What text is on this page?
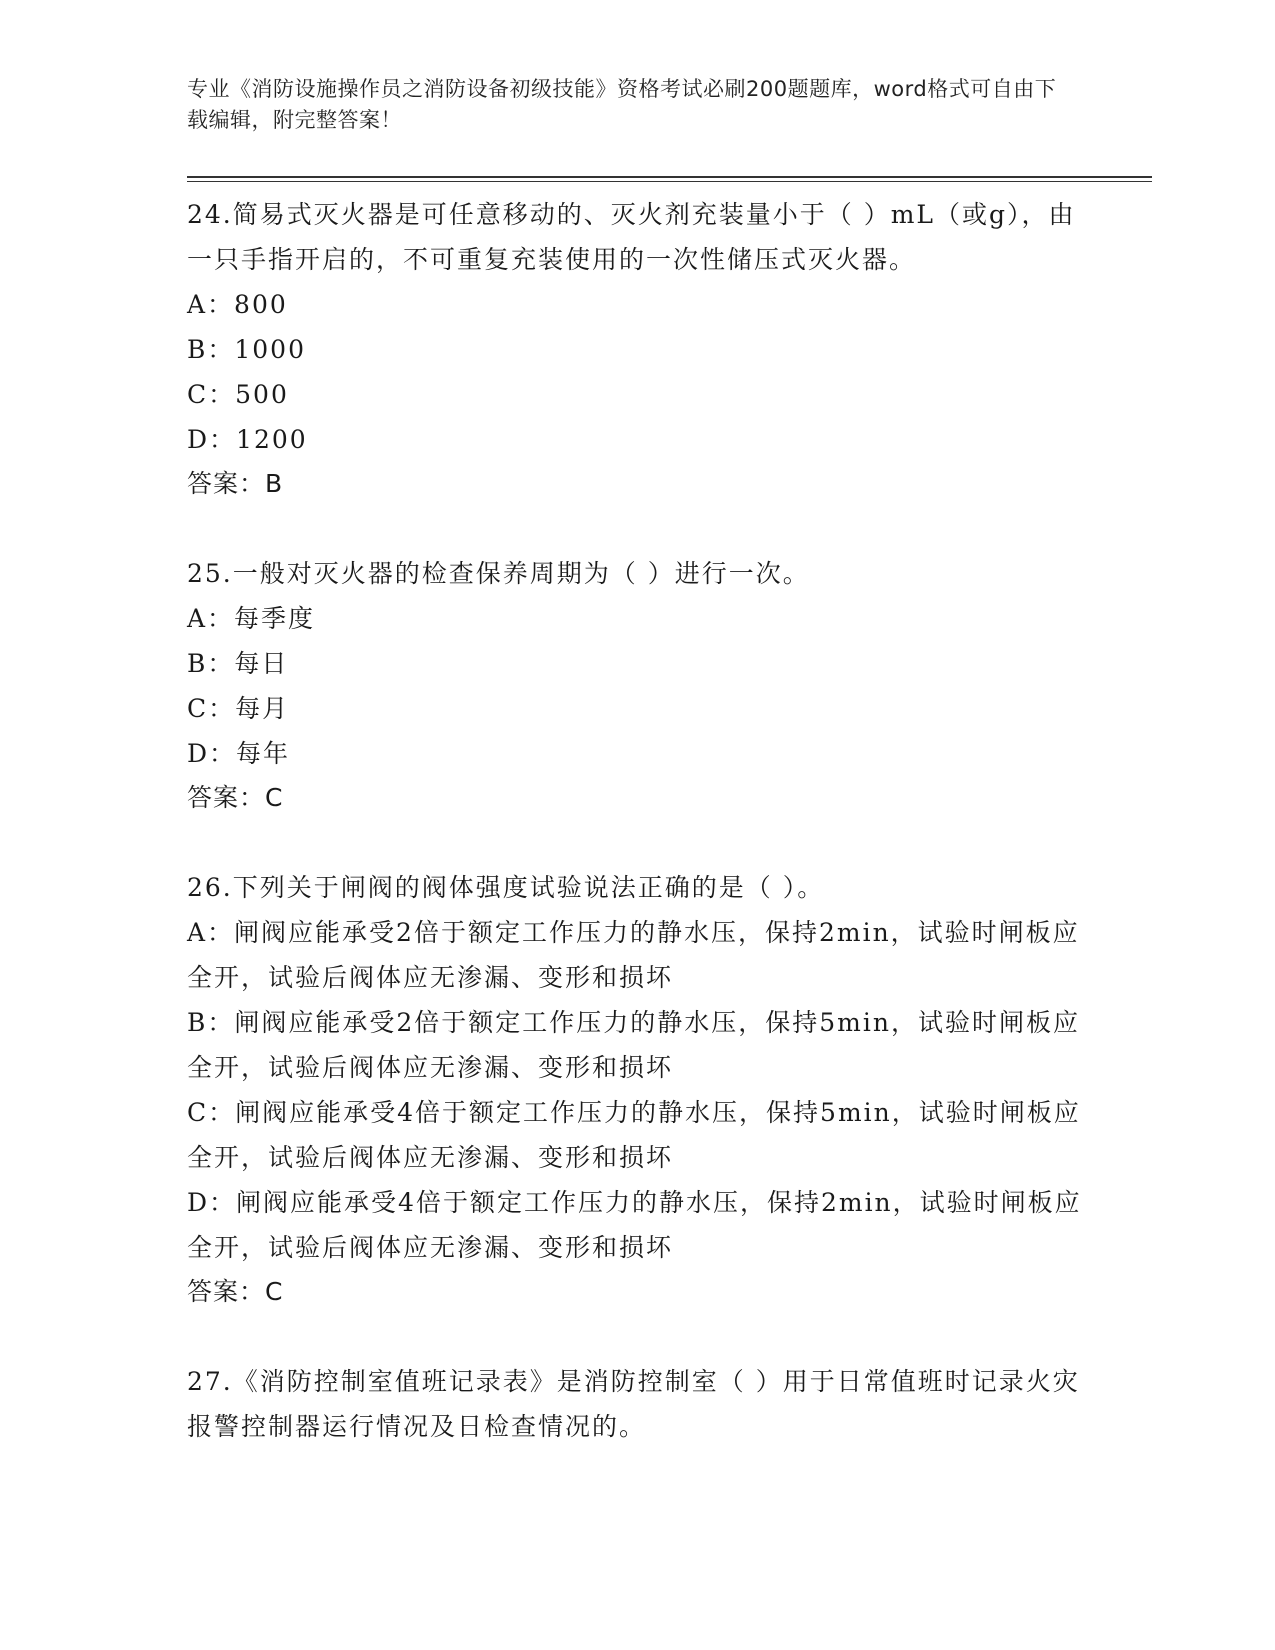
专业《消防设施操作员之消防设备初级技能》资格考试必刷200题题库，word格式可自由下载编辑，附完整答案！
24.简易式灭火器是可任意移动的、灭火剂充装量小于（ ）mL（或g），由一只手指开启的，不可重复充装使用的一次性储压式灭火器。
A：800
B：1000
C：500
D：1200
答案：B
25.一般对灭火器的检查保养周期为（ ）进行一次。
A：每季度
B：每日
C：每月
D：每年
答案：C
26.下列关于闸阀的阀体强度试验说法正确的是（ ）。
A：闸阀应能承受2倍于额定工作压力的静水压，保持2min，试验时闸板应全开，试验后阀体应无渗漏、变形和损坏
B：闸阀应能承受2倍于额定工作压力的静水压，保持5min，试验时闸板应全开，试验后阀体应无渗漏、变形和损坏
C：闸阀应能承受4倍于额定工作压力的静水压，保持5min，试验时闸板应全开，试验后阀体应无渗漏、变形和损坏
D：闸阀应能承受4倍于额定工作压力的静水压，保持2min，试验时闸板应全开，试验后阀体应无渗漏、变形和损坏
答案：C
27.《消防控制室值班记录表》是消防控制室（ ）用于日常值班时记录火灾报警控制器运行情况及日检查情况的。
